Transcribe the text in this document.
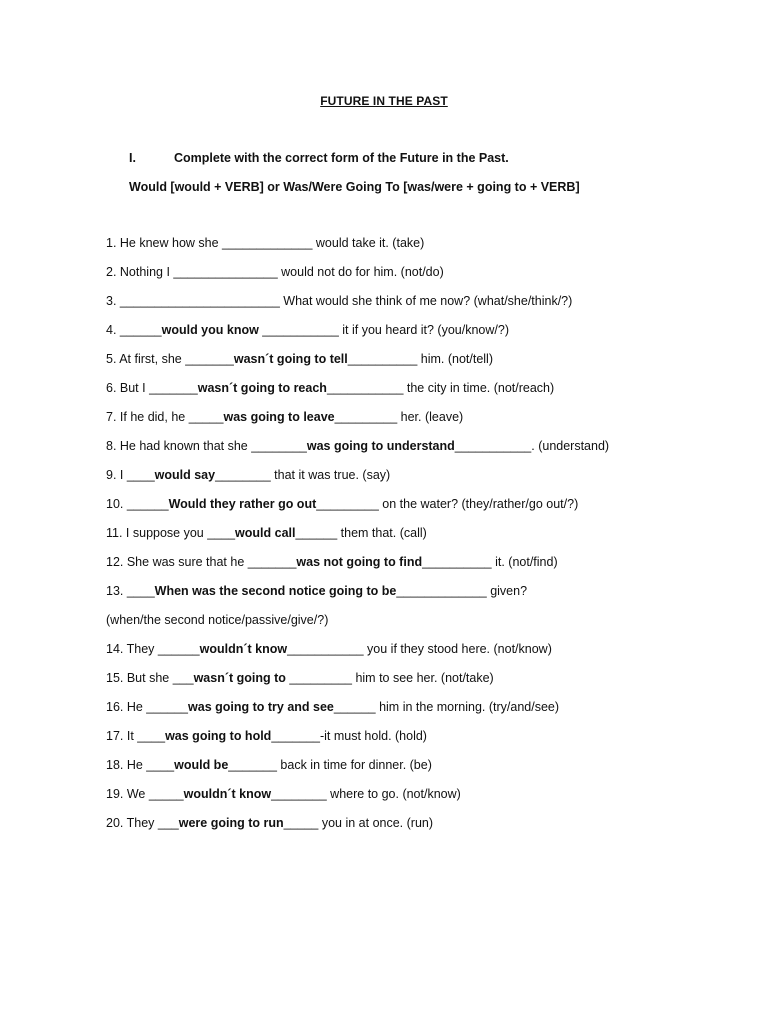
FUTURE IN THE PAST
I.	Complete with the correct form of the Future in the Past.
Would [would + VERB] or Was/Were Going To [was/were + going to + VERB]
1. He knew how she _____________ would take it. (take)
2. Nothing I _______________ would not do for him. (not/do)
3. _______________________ What would she think of me now? (what/she/think/?)
4. ______would you know ___________ it if you heard it? (you/know/?)
5. At first, she _______wasn´t going to tell__________ him. (not/tell)
6. But I _______wasn´t going to reach___________ the city in time. (not/reach)
7. If he did, he _____was going to leave_________ her. (leave)
8. He had known that she ________was going to understand___________. (understand)
9. I ____would say________ that it was true. (say)
10. ______Would they rather go out_________ on the water? (they/rather/go out/?)
11. I suppose you ____would call______ them that. (call)
12. She was sure that he _______was not going to find__________ it. (not/find)
13. ____When was the second notice going to be_____________ given?
(when/the second notice/passive/give/?)
14. They ______wouldn´t know___________ you if they stood here. (not/know)
15. But she ___wasn´t going to _________ him to see her. (not/take)
16. He ______was going to try and see______ him in the morning. (try/and/see)
17. It ____was going to hold_______-it must hold. (hold)
18. He ____would be_______ back in time for dinner. (be)
19. We _____wouldn´t know________ where to go. (not/know)
20. They ___were going to run_____ you in at once. (run)
